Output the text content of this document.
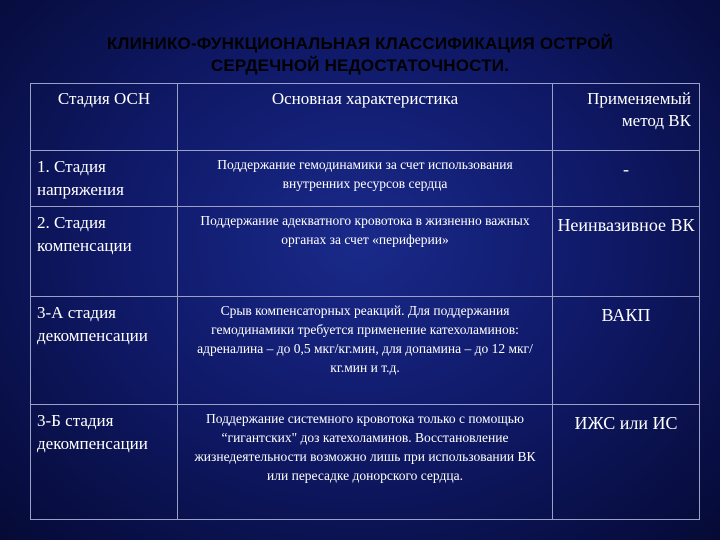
КЛИНИКО-ФУНКЦИОНАЛЬНАЯ КЛАССИФИКАЦИЯ ОСТРОЙ
СЕРДЕЧНОЙ НЕДОСТАТОЧНОСТИ.
Стадия ОСН	Основная характеристика	Применяемый метод ВК
1. Стадия напряжения	Поддержание гемодинамики за счет использования внутренних ресурсов сердца	-
2. Стадия компенсации	Поддержание адекватного кровотока в жизненно важных органах за счет «периферии»	Неинвазивное ВК
3-А стадия декомпенсации	Срыв компенсаторных реакций. Для поддержания гемодинамики требуется применение катехоламинов: адреналина – до 0,5 мкг/кг.мин, для допамина – до 12 мкг/кг.мин и т.д.	ВАКП
3-Б стадия декомпенсации	Поддержание системного кровотока только с помощью “гигантских" доз катехоламинов. Восстановление жизнедеятельности возможно лишь при использовании ВК или пересадке донорского сердца.	ИЖС или ИС
